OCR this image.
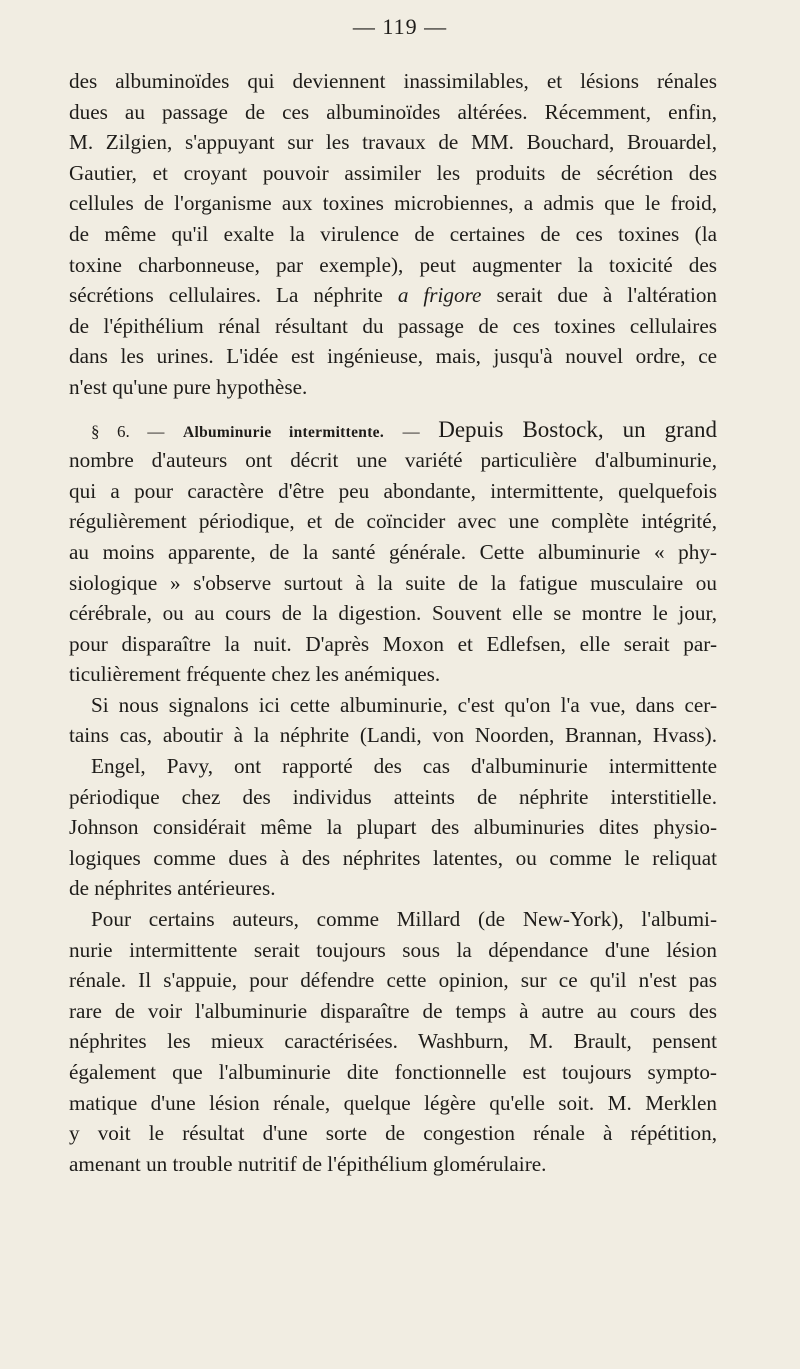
— 119 —
des albuminoïdes qui deviennent inassimilables, et lésions rénales
dues au passage de ces albuminoïdes altérées. Récemment, enfin,
M. Zilgien, s'appuyant sur les travaux de MM. Bouchard, Brouardel,
Gautier, et croyant pouvoir assimiler les produits de sécrétion des
cellules de l'organisme aux toxines microbiennes, a admis que le froid,
de même qu'il exalte la virulence de certaines de ces toxines (la
toxine charbonneuse, par exemple), peut augmenter la toxicité des
sécrétions cellulaires. La néphrite a frigore serait due à l'altération
de l'épithélium rénal résultant du passage de ces toxines cellulaires
dans les urines. L'idée est ingénieuse, mais, jusqu'à nouvel ordre, ce
n'est qu'une pure hypothèse.
§ 6. — Albuminurie intermittente. — Depuis Bostock, un grand
nombre d'auteurs ont décrit une variété particulière d'albuminurie,
qui a pour caractère d'être peu abondante, intermittente, quelquefois
régulièrement périodique, et de coïncider avec une complète intégrité,
au moins apparente, de la santé générale. Cette albuminurie « phy-
siologique » s'observe surtout à la suite de la fatigue musculaire ou
cérébrale, ou au cours de la digestion. Souvent elle se montre le jour,
pour disparaître la nuit. D'après Moxon et Edlefsen, elle serait par-
ticulièrement fréquente chez les anémiques.
Si nous signalons ici cette albuminurie, c'est qu'on l'a vue, dans cer-
tains cas, aboutir à la néphrite (Landi, von Noorden, Brannan, Hvass).
Engel, Pavy, ont rapporté des cas d'albuminurie intermittente
périodique chez des individus atteints de néphrite interstitielle.
Johnson considérait même la plupart des albuminuries dites physio-
logiques comme dues à des néphrites latentes, ou comme le reliquat
de néphrites antérieures.
Pour certains auteurs, comme Millard (de New-York), l'albumi-
nurie intermittente serait toujours sous la dépendance d'une lésion
rénale. Il s'appuie, pour défendre cette opinion, sur ce qu'il n'est pas
rare de voir l'albuminurie disparaître de temps à autre au cours des
néphrites les mieux caractérisées. Washburn, M. Brault, pensent
également que l'albuminurie dite fonctionnelle est toujours sympto-
matique d'une lésion rénale, quelque légère qu'elle soit. M. Merklen
y voit le résultat d'une sorte de congestion rénale à répétition,
amenant un trouble nutritif de l'épithélium glomérulaire.
